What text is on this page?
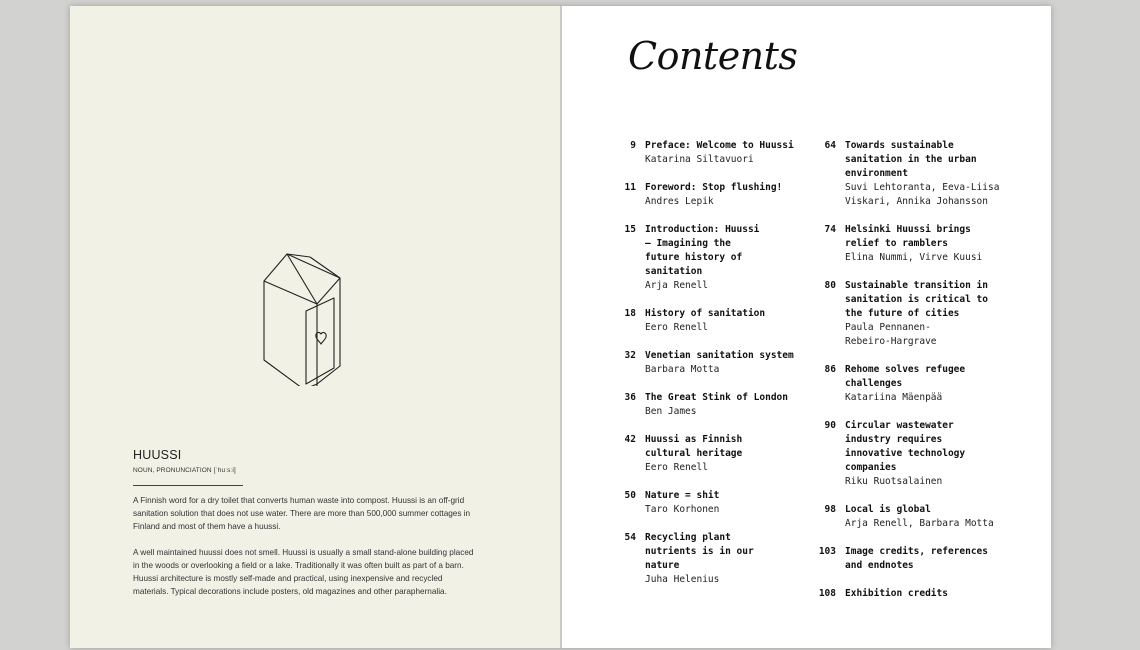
HUUSSI
NOUN, PRONUNCIATION [ˈhuːsːi]

A Finnish word for a dry toilet that converts human waste into compost. Huussi is an off-grid sanitation solution that does not use water. There are more than 500,000 summer cottages in Finland and most of them have a huussi.

A well maintained huussi does not smell. Huussi is usually a small stand-alone building placed in the woods or overlooking a field or a lake. Traditionally it was often built as part of a barn. Huussi architecture is mostly self-made and practical, using inexpensive and recycled materials. Typical decorations include posters, old magazines and other paraphernalia.

Contents
9 Preface: Welcome to Huussi
Katarina Siltavuori
11 Foreword: Stop flushing!
Andres Lepik
15 Introduction: Huussi – Imagining the future history of sanitation
Arja Renell
18 History of sanitation
Eero Renell
32 Venetian sanitation system
Barbara Motta
36 The Great Stink of London
Ben James
42 Huussi as Finnish cultural heritage
Eero Renell
50 Nature = shit
Taro Korhonen
54 Recycling plant nutrients is in our nature
Juha Helenius
64 Towards sustainable sanitation in the urban environment
Suvi Lehtoranta, Eeva-Liisa Viskari, Annika Johansson
74 Helsinki Huussi brings relief to ramblers
Elina Nummi, Virve Kuusi
80 Sustainable transition in sanitation is critical to the future of cities
Paula Pennanen-Rebeiro-Hargrave
86 Rehome solves refugee challenges
Katariina Mäenpää
90 Circular wastewater industry requires innovative technology companies
Riku Ruotsalainen
98 Local is global
Arja Renell, Barbara Motta
103 Image credits, references and endnotes
108 Exhibition credits
